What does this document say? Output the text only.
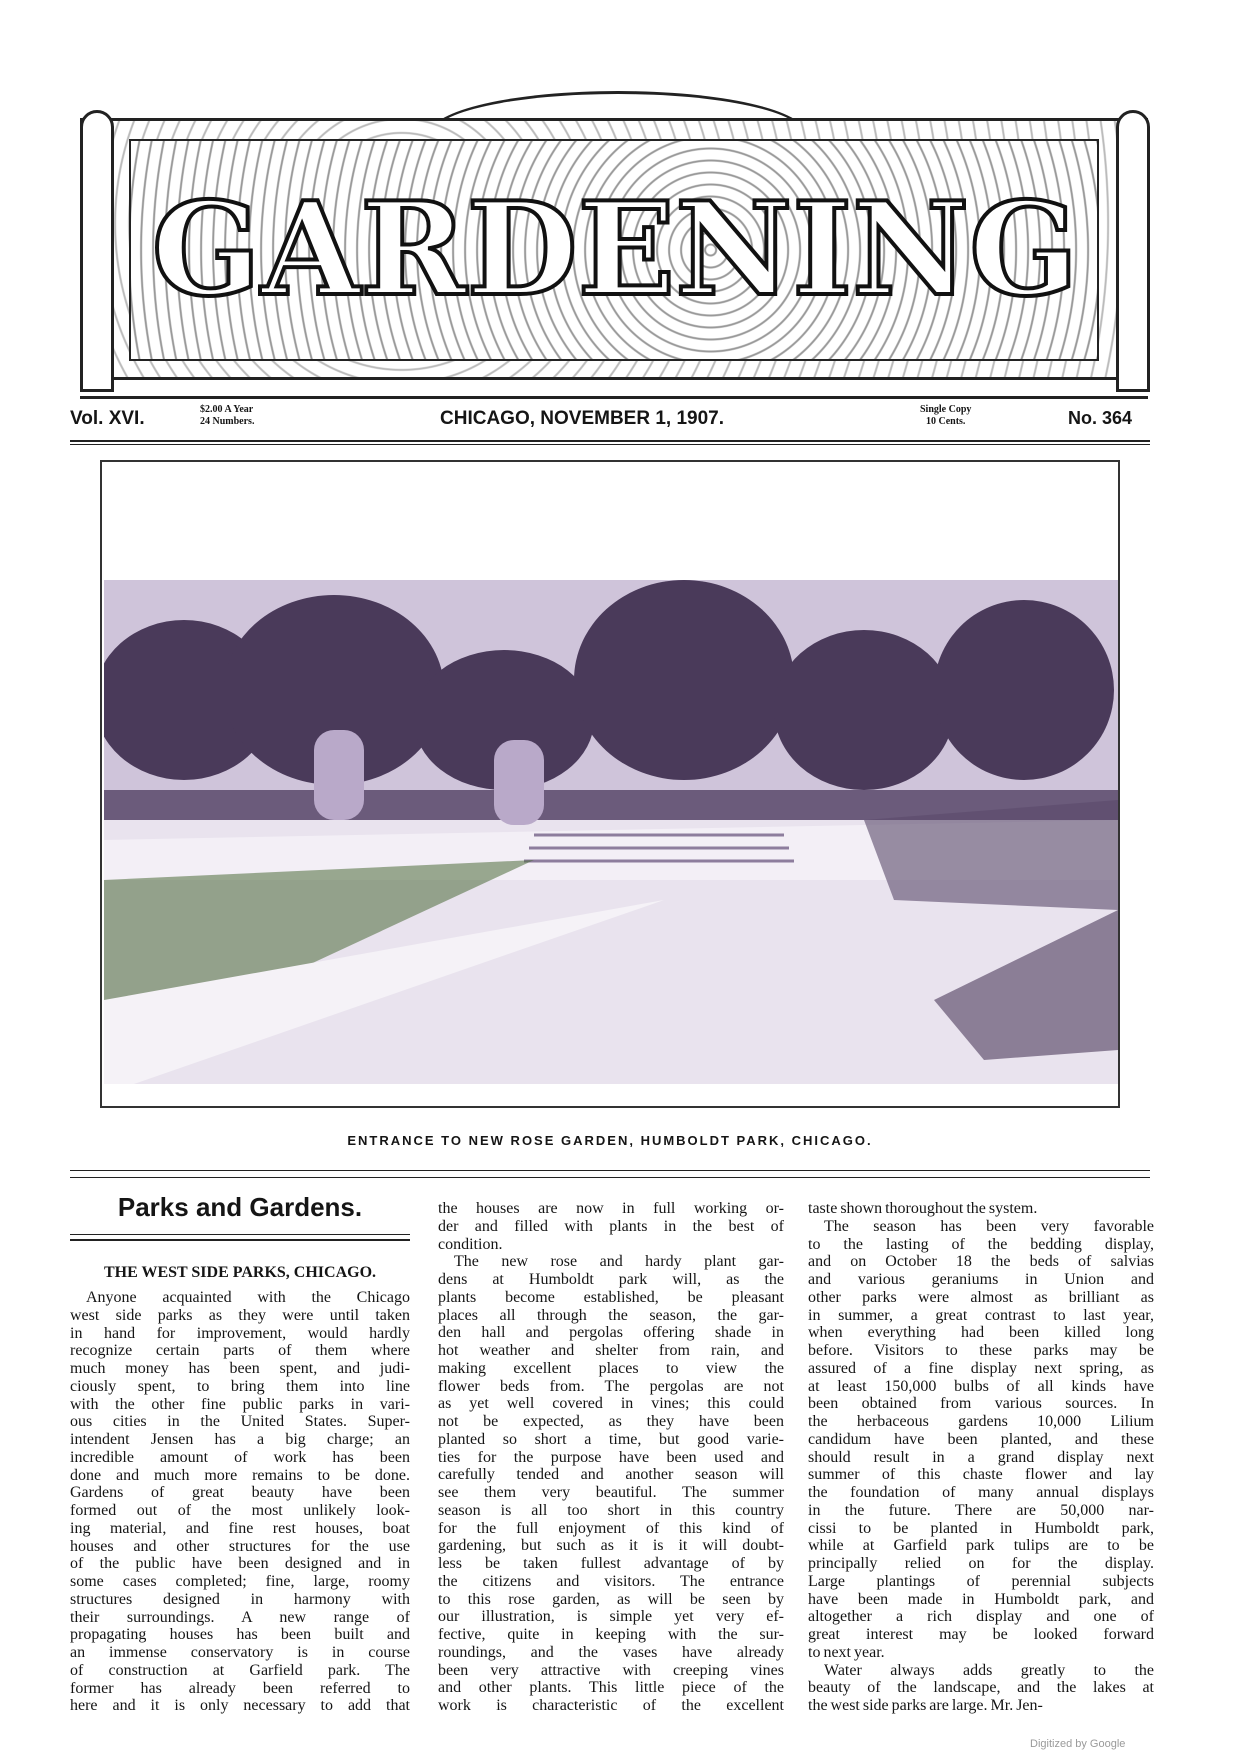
GARDENING
Vol. XVI.	$2.00 A Year
24 Numbers.	CHICAGO, NOVEMBER 1, 1907.	Single Copy
10 Cents.	No. 364
ENTRANCE TO NEW ROSE GARDEN, HUMBOLDT PARK, CHICAGO.
Parks and Gardens.
THE WEST SIDE PARKS, CHICAGO.
Anyone acquainted with the Chicago
west side parks as they were until taken
in hand for improvement, would hardly
recognize certain parts of them where
much money has been spent, and judi-
ciously spent, to bring them into line
with the other fine public parks in vari-
ous cities in the United States. Super-
intendent Jensen has a big charge; an
incredible amount of work has been
done and much more remains to be done.
Gardens of great beauty have been
formed out of the most unlikely look-
ing material, and fine rest houses, boat
houses and other structures for the use
of the public have been designed and in
some cases completed; fine, large, roomy
structures designed in harmony with
their surroundings. A new range of
propagating houses has been built and
an immense conservatory is in course
of construction at Garfield park. The
former has already been referred to
here and it is only necessary to add that
the houses are now in full working or-
der and filled with plants in the best of
condition.
The new rose and hardy plant gar-
dens at Humboldt park will, as the
plants become established, be pleasant
places all through the season, the gar-
den hall and pergolas offering shade in
hot weather and shelter from rain, and
making excellent places to view the
flower beds from. The pergolas are not
as yet well covered in vines; this could
not be expected, as they have been
planted so short a time, but good varie-
ties for the purpose have been used and
carefully tended and another season will
see them very beautiful. The summer
season is all too short in this country
for the full enjoyment of this kind of
gardening, but such as it is it will doubt-
less be taken fullest advantage of by
the citizens and visitors. The entrance
to this rose garden, as will be seen by
our illustration, is simple yet very ef-
fective, quite in keeping with the sur-
roundings, and the vases have already
been very attractive with creeping vines
and other plants. This little piece of the
work is characteristic of the excellent
taste shown thoroughout the system.
The season has been very favorable
to the lasting of the bedding display,
and on October 18 the beds of salvias
and various geraniums in Union and
other parks were almost as brilliant as
in summer, a great contrast to last year,
when everything had been killed long
before. Visitors to these parks may be
assured of a fine display next spring, as
at least 150,000 bulbs of all kinds have
been obtained from various sources. In
the herbaceous gardens 10,000 Lilium
candidum have been planted, and these
should result in a grand display next
summer of this chaste flower and lay
the foundation of many annual displays
in the future. There are 50,000 nar-
cissi to be planted in Humboldt park,
while at Garfield park tulips are to be
principally relied on for the display.
Large plantings of perennial subjects
have been made in Humboldt park, and
altogether a rich display and one of
great interest may be looked forward
to next year.
Water always adds greatly to the
beauty of the landscape, and the lakes at
the west side parks are large. Mr. Jen-
Digitized by Google
